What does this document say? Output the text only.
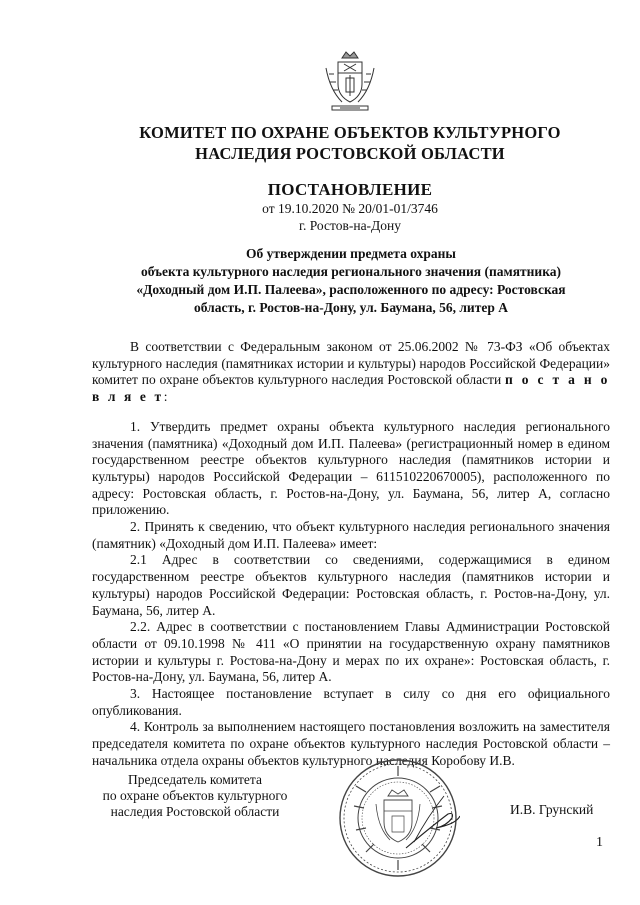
КОМИТЕТ ПО ОХРАНЕ ОБЪЕКТОВ КУЛЬТУРНОГО
НАСЛЕДИЯ РОСТОВСКОЙ ОБЛАСТИ
ПОСТАНОВЛЕНИЕ
от 19.10.2020 № 20/01-01/3746
г. Ростов-на-Дону
Об утверждении предмета охраны
объекта культурного наследия регионального значения (памятника)
«Доходный дом И.П. Палеева», расположенного по адресу: Ростовская
область, г. Ростов-на-Дону, ул. Баумана, 56, литер А

В соответствии с Федеральным законом от 25.06.2002 № 73-ФЗ «Об объектах культурного наследия (памятниках истории и культуры) народов Российской Федерации» комитет по охране объектов культурного наследия Ростовской области п о с т а н о в л я е т:

1. Утвердить предмет охраны объекта культурного наследия регионального значения (памятника) «Доходный дом И.П. Палеева» (регистрационный номер в едином государственном реестре объектов культурного наследия (памятников истории и культуры) народов Российской Федерации – 611510220670005), расположенного по адресу: Ростовская область, г. Ростов-на-Дону, ул. Баумана, 56, литер А, согласно приложению.

2. Принять к сведению, что объект культурного наследия регионального значения (памятник) «Доходный дом И.П. Палеева» имеет:

2.1 Адрес в соответствии со сведениями, содержащимися в едином государственном реестре объектов культурного наследия (памятников истории и культуры) народов Российской Федерации: Ростовская область, г. Ростов-на-Дону, ул. Баумана, 56, литер А.

2.2. Адрес в соответствии с постановлением Главы Администрации Ростовской области от 09.10.1998 № 411 «О принятии на государственную охрану памятников истории и культуры г. Ростова-на-Дону и мерах по их охране»: Ростовская область, г. Ростов-на-Дону, ул. Баумана, 56, литер А.

3. Настоящее постановление вступает в силу со дня его официального опубликования.

4. Контроль за выполнением настоящего постановления возложить на заместителя председателя комитета по охране объектов культурного наследия Ростовской области – начальника отдела охраны объектов культурного наследия Коробову И.В.

Председатель комитета
по охране объектов культурного
наследия Ростовской области	И.В. Грунский
1
